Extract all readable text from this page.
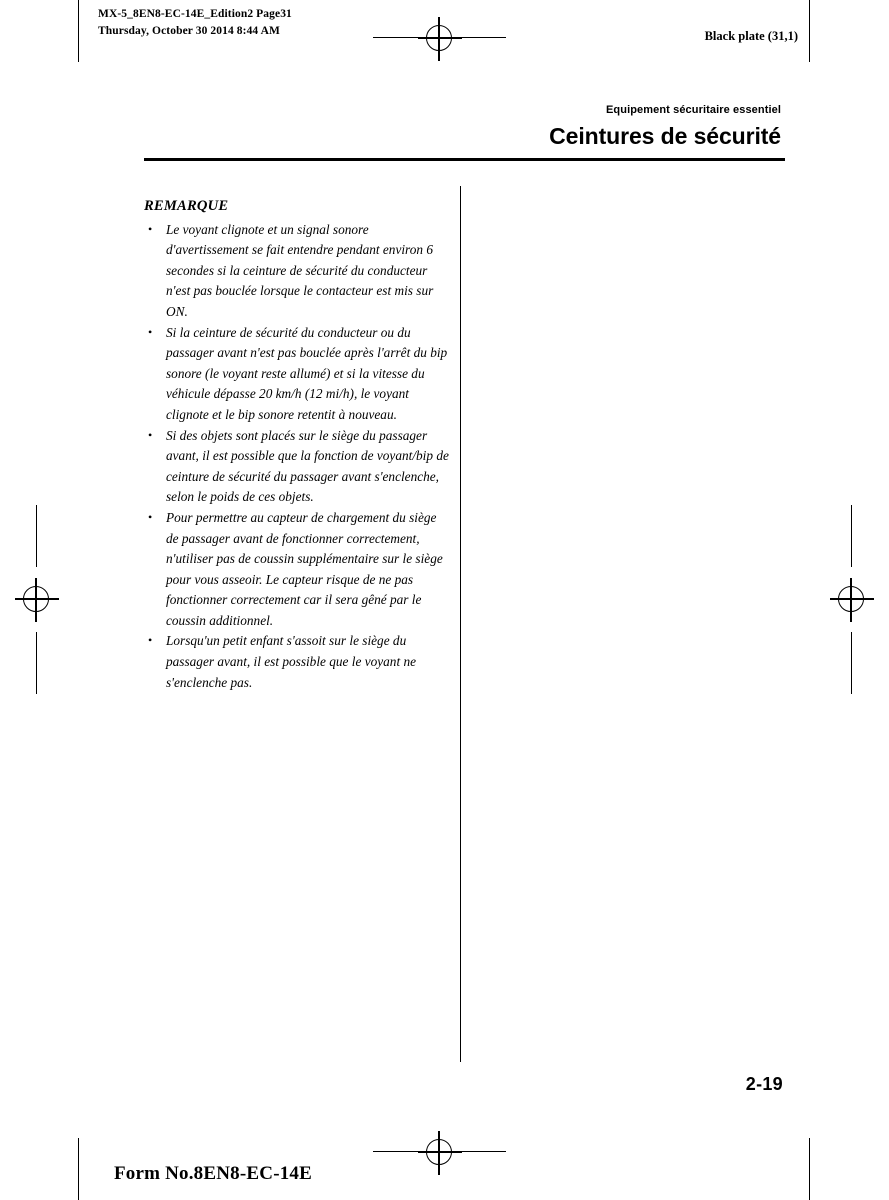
MX-5_8EN8-EC-14E_Edition2 Page31
Thursday, October 30 2014 8:44 AM	Black plate (31,1)
Equipement sécuritaire essentiel
Ceintures de sécurité
REMARQUE
• Le voyant clignote et un signal sonore d'avertissement se fait entendre pendant environ 6 secondes si la ceinture de sécurité du conducteur n'est pas bouclée lorsque le contacteur est mis sur ON.
• Si la ceinture de sécurité du conducteur ou du passager avant n'est pas bouclée après l'arrêt du bip sonore (le voyant reste allumé) et si la vitesse du véhicule dépasse 20 km/h (12 mi/h), le voyant clignote et le bip sonore retentit à nouveau.
• Si des objets sont placés sur le siège du passager avant, il est possible que la fonction de voyant/bip de ceinture de sécurité du passager avant s'enclenche, selon le poids de ces objets.
• Pour permettre au capteur de chargement du siège de passager avant de fonctionner correctement, n'utiliser pas de coussin supplémentaire sur le siège pour vous asseoir. Le capteur risque de ne pas fonctionner correctement car il sera gêné par le coussin additionnel.
• Lorsqu'un petit enfant s'assoit sur le siège du passager avant, il est possible que le voyant ne s'enclenche pas.
2-19
Form No.8EN8-EC-14E
